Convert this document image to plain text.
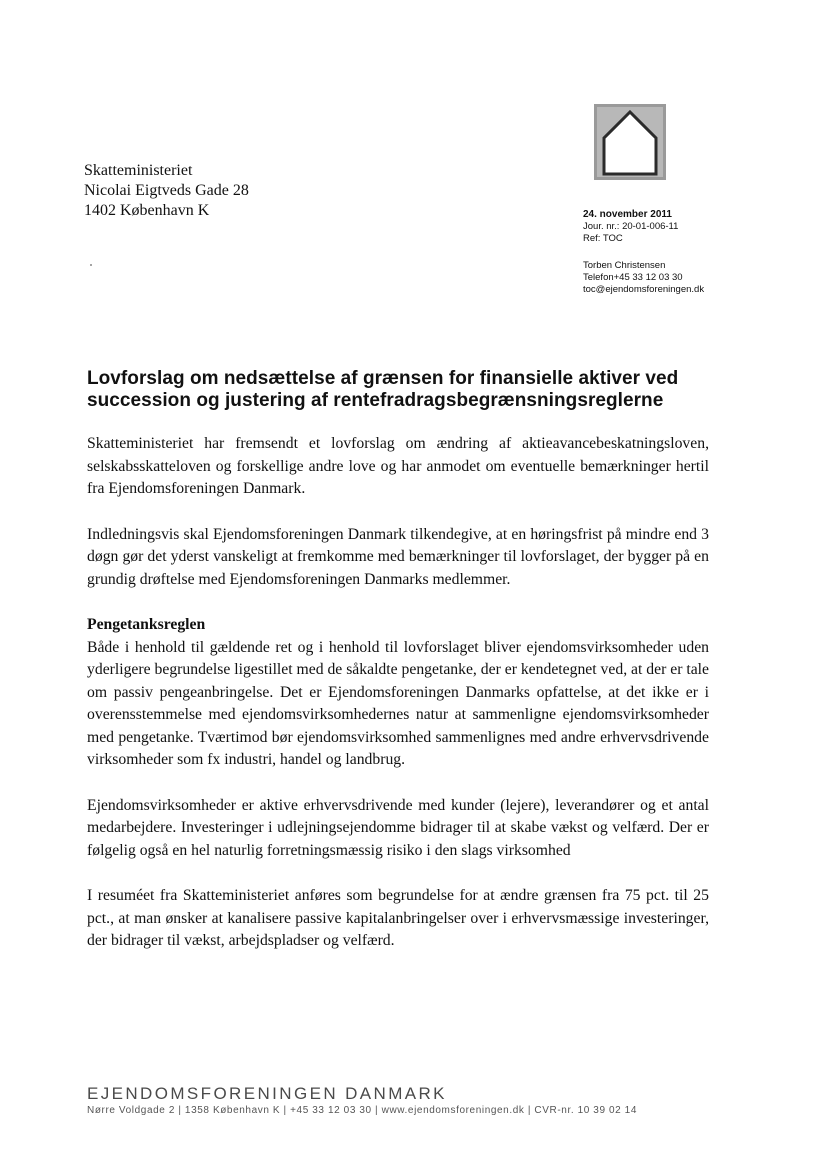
Skatteministeriet
Nicolai Eigtveds Gade 28
1402 København K	24. november 2011
Jour. nr.: 20-01-006-11
Ref: TOC
Torben Christensen
Telefon+45 33 12 03 30
toc@ejendomsforeningen.dk
Lovforslag om nedsættelse af grænsen for finansielle aktiver ved succession og justering af rentefradragsbegrænsningsreglerne

Skatteministeriet har fremsendt et lovforslag om ændring af aktieavancebeskatningsloven, selskabsskatteloven og forskellige andre love og har anmodet om eventuelle bemærkninger hertil fra Ejendomsforeningen Danmark.

Indledningsvis skal Ejendomsforeningen Danmark tilkendegive, at en høringsfrist på mindre end 3 døgn gør det yderst vanskeligt at fremkomme med bemærkninger til lovforslaget, der bygger på en grundig drøftelse med Ejendomsforeningen Danmarks medlemmer.

Pengetanksreglen

Både i henhold til gældende ret og i henhold til lovforslaget bliver ejendomsvirksomheder uden yderligere begrundelse ligestillet med de såkaldte pengetanke, der er kendetegnet ved, at der er tale om passiv pengeanbringelse. Det er Ejendomsforeningen Danmarks opfattelse, at det ikke er i overensstemmelse med ejendomsvirksomhedernes natur at sammenligne ejendomsvirksomheder med pengetanke. Tværtimod bør ejendomsvirksomhed sammenlignes med andre erhvervsdrivende virksomheder som fx industri, handel og landbrug.

Ejendomsvirksomheder er aktive erhvervsdrivende med kunder (lejere), leverandører og et antal medarbejdere. Investeringer i udlejningsejendomme bidrager til at skabe vækst og velfærd. Der er følgelig også en hel naturlig forretningsmæssig risiko i den slags virksomhed

I resuméet fra Skatteministeriet anføres som begrundelse for at ændre grænsen fra 75 pct. til 25 pct., at man ønsker at kanalisere passive kapitalanbringelser over i erhvervsmæssige investeringer, der bidrager til vækst, arbejdspladser og velfærd.

EJENDOMSFORENINGEN DANMARK
Nørre Voldgade 2 | 1358 København K | +45 33 12 03 30 | www.ejendomsforeningen.dk | CVR-nr. 10 39 02 14
